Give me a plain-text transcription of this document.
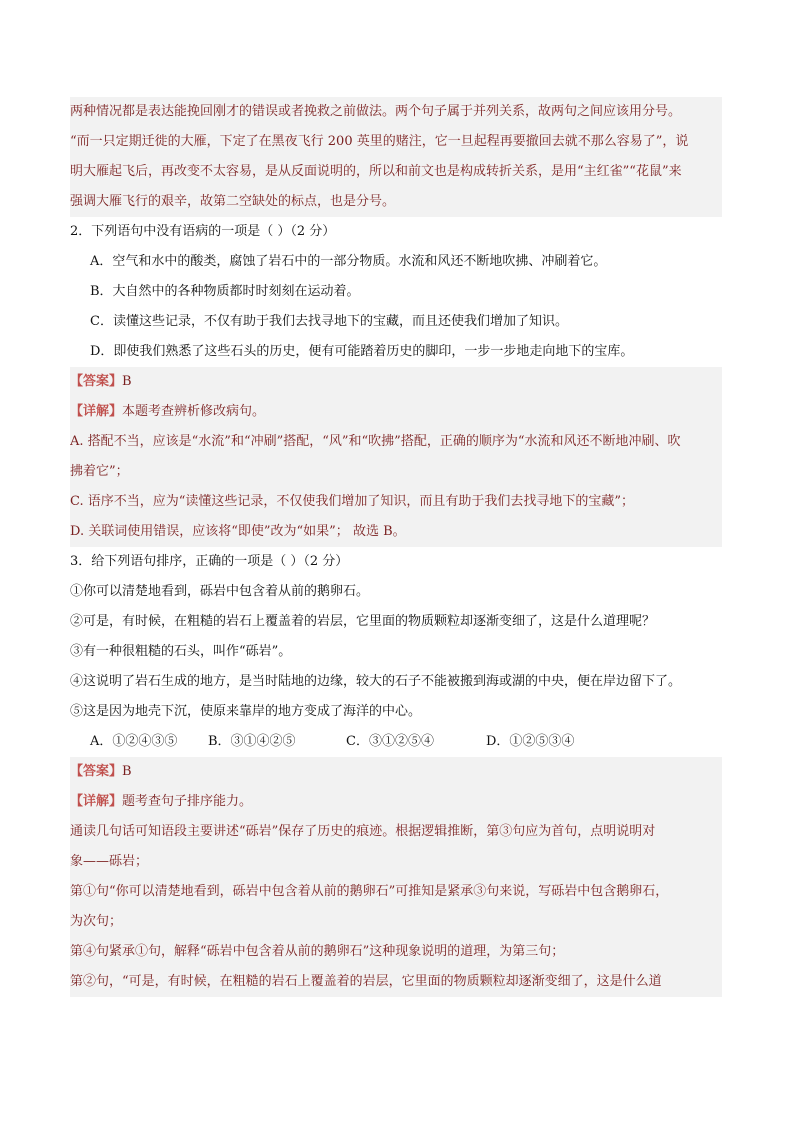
两种情况都是表达能挽回刚才的错误或者挽救之前做法。两个句子属于并列关系，故两句之间应该用分号。
“而一只定期迁徙的大雁，下定了在黑夜飞行 200 英里的赌注，它一旦起程再要撤回去就不那么容易了”，说
明大雁起飞后，再改变不太容易，是从反面说明的，所以和前文也是构成转折关系，是用“主红雀”“花鼠”来
强调大雁飞行的艰辛，故第二空缺处的标点，也是分号。
2．下列语句中没有语病的一项是（ ）（2 分）
A．空气和水中的酸类，腐蚀了岩石中的一部分物质。水流和风还不断地吹拂、冲刷着它。
B．大自然中的各种物质都时时刻刻在运动着。
C．读懂这些记录，不仅有助于我们去找寻地下的宝藏，而且还使我们增加了知识。
D．即使我们熟悉了这些石头的历史，便有可能踏着历史的脚印，一步一步地走向地下的宝库。
【答案】B
【详解】本题考查辨析修改病句。
A. 搭配不当，应该是“水流”和“冲刷”搭配，“风”和“吹拂”搭配，正确的顺序为“水流和风还不断地冲刷、吹
拂着它”；
C. 语序不当，应为“读懂这些记录，不仅使我们增加了知识，而且有助于我们去找寻地下的宝藏”；
D. 关联词使用错误，应该将“即使”改为“如果”； 故选 B。
3．给下列语句排序，正确的一项是（ ）（2 分）
①你可以清楚地看到，砾岩中包含着从前的鹅卵石。
②可是，有时候，在粗糙的岩石上覆盖着的岩层，它里面的物质颗粒却逐渐变细了，这是什么道理呢？
③有一种很粗糙的石头，叫作“砾岩”。
④这说明了岩石生成的地方，是当时陆地的边缘，较大的石子不能被搬到海或湖的中央，便在岸边留下了。
⑤这是因为地壳下沉，使原来靠岸的地方变成了海洋的中心。
A．①②④③⑤ B．③①④②⑤	C．③①②⑤④	D．①②⑤③④
【答案】B
【详解】题考查句子排序能力。
通读几句话可知语段主要讲述“砾岩”保存了历史的痕迹。根据逻辑推断，第③句应为首句，点明说明对
象——砾岩；
第①句“你可以清楚地看到，砾岩中包含着从前的鹅卵石”可推知是紧承③句来说，写砾岩中包含鹅卵石，
为次句；
第④句紧承①句，解释“砾岩中包含着从前的鹅卵石”这种现象说明的道理，为第三句；
第②句，“可是，有时候，在粗糙的岩石上覆盖着的岩层，它里面的物质颗粒却逐渐变细了，这是什么道
